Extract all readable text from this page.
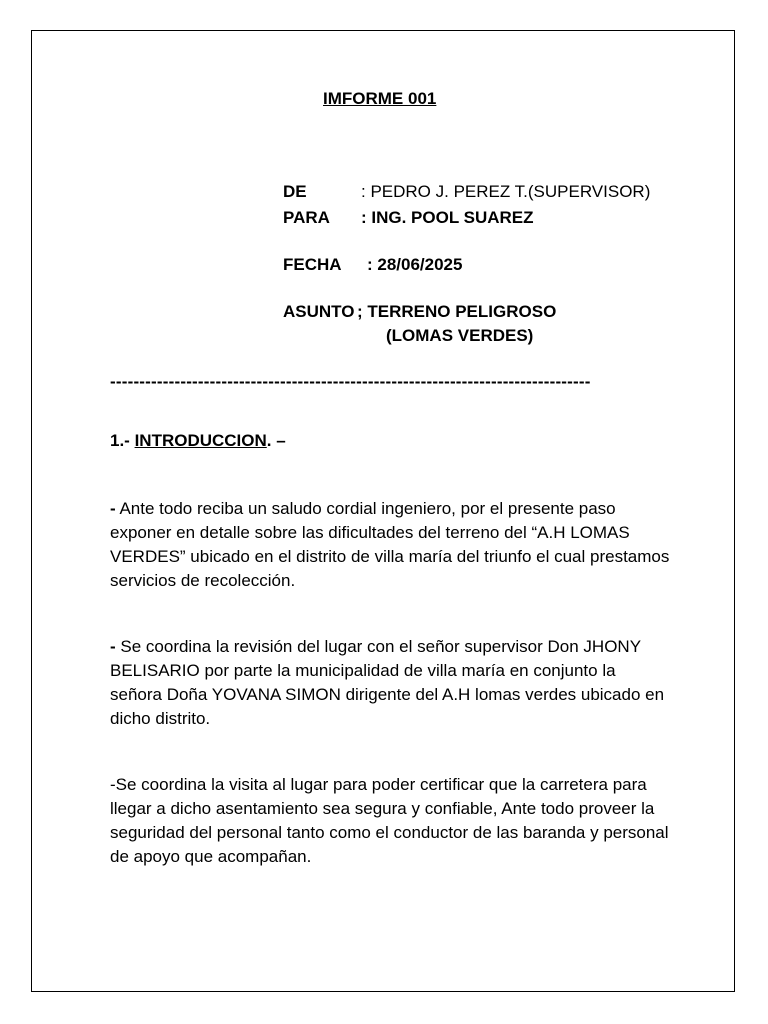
IMFORME 001
DE	: PEDRO J. PEREZ T.(SUPERVISOR)
PARA : ING. POOL SUAREZ
FECHA : 28/06/2025
ASUNTO ; TERRENO PELIGROSO
(LOMAS VERDES)
----------------------------------------------------------------------------------
1.- INTRODUCCION. –
- Ante todo reciba un saludo cordial ingeniero, por el presente paso exponer en detalle sobre las dificultades del terreno del “A.H LOMAS VERDES” ubicado en el distrito de villa maría del triunfo el cual prestamos servicios de recolección.
- Se coordina la revisión del lugar con el señor supervisor Don JHONY BELISARIO por parte la municipalidad de villa maría en conjunto la señora Doña YOVANA SIMON dirigente del A.H lomas verdes ubicado en dicho distrito.
-Se coordina la visita al lugar para poder certificar que la carretera para llegar a dicho asentamiento sea segura y confiable, Ante todo proveer la seguridad del personal tanto como el conductor de las baranda y personal de apoyo que acompañan.
